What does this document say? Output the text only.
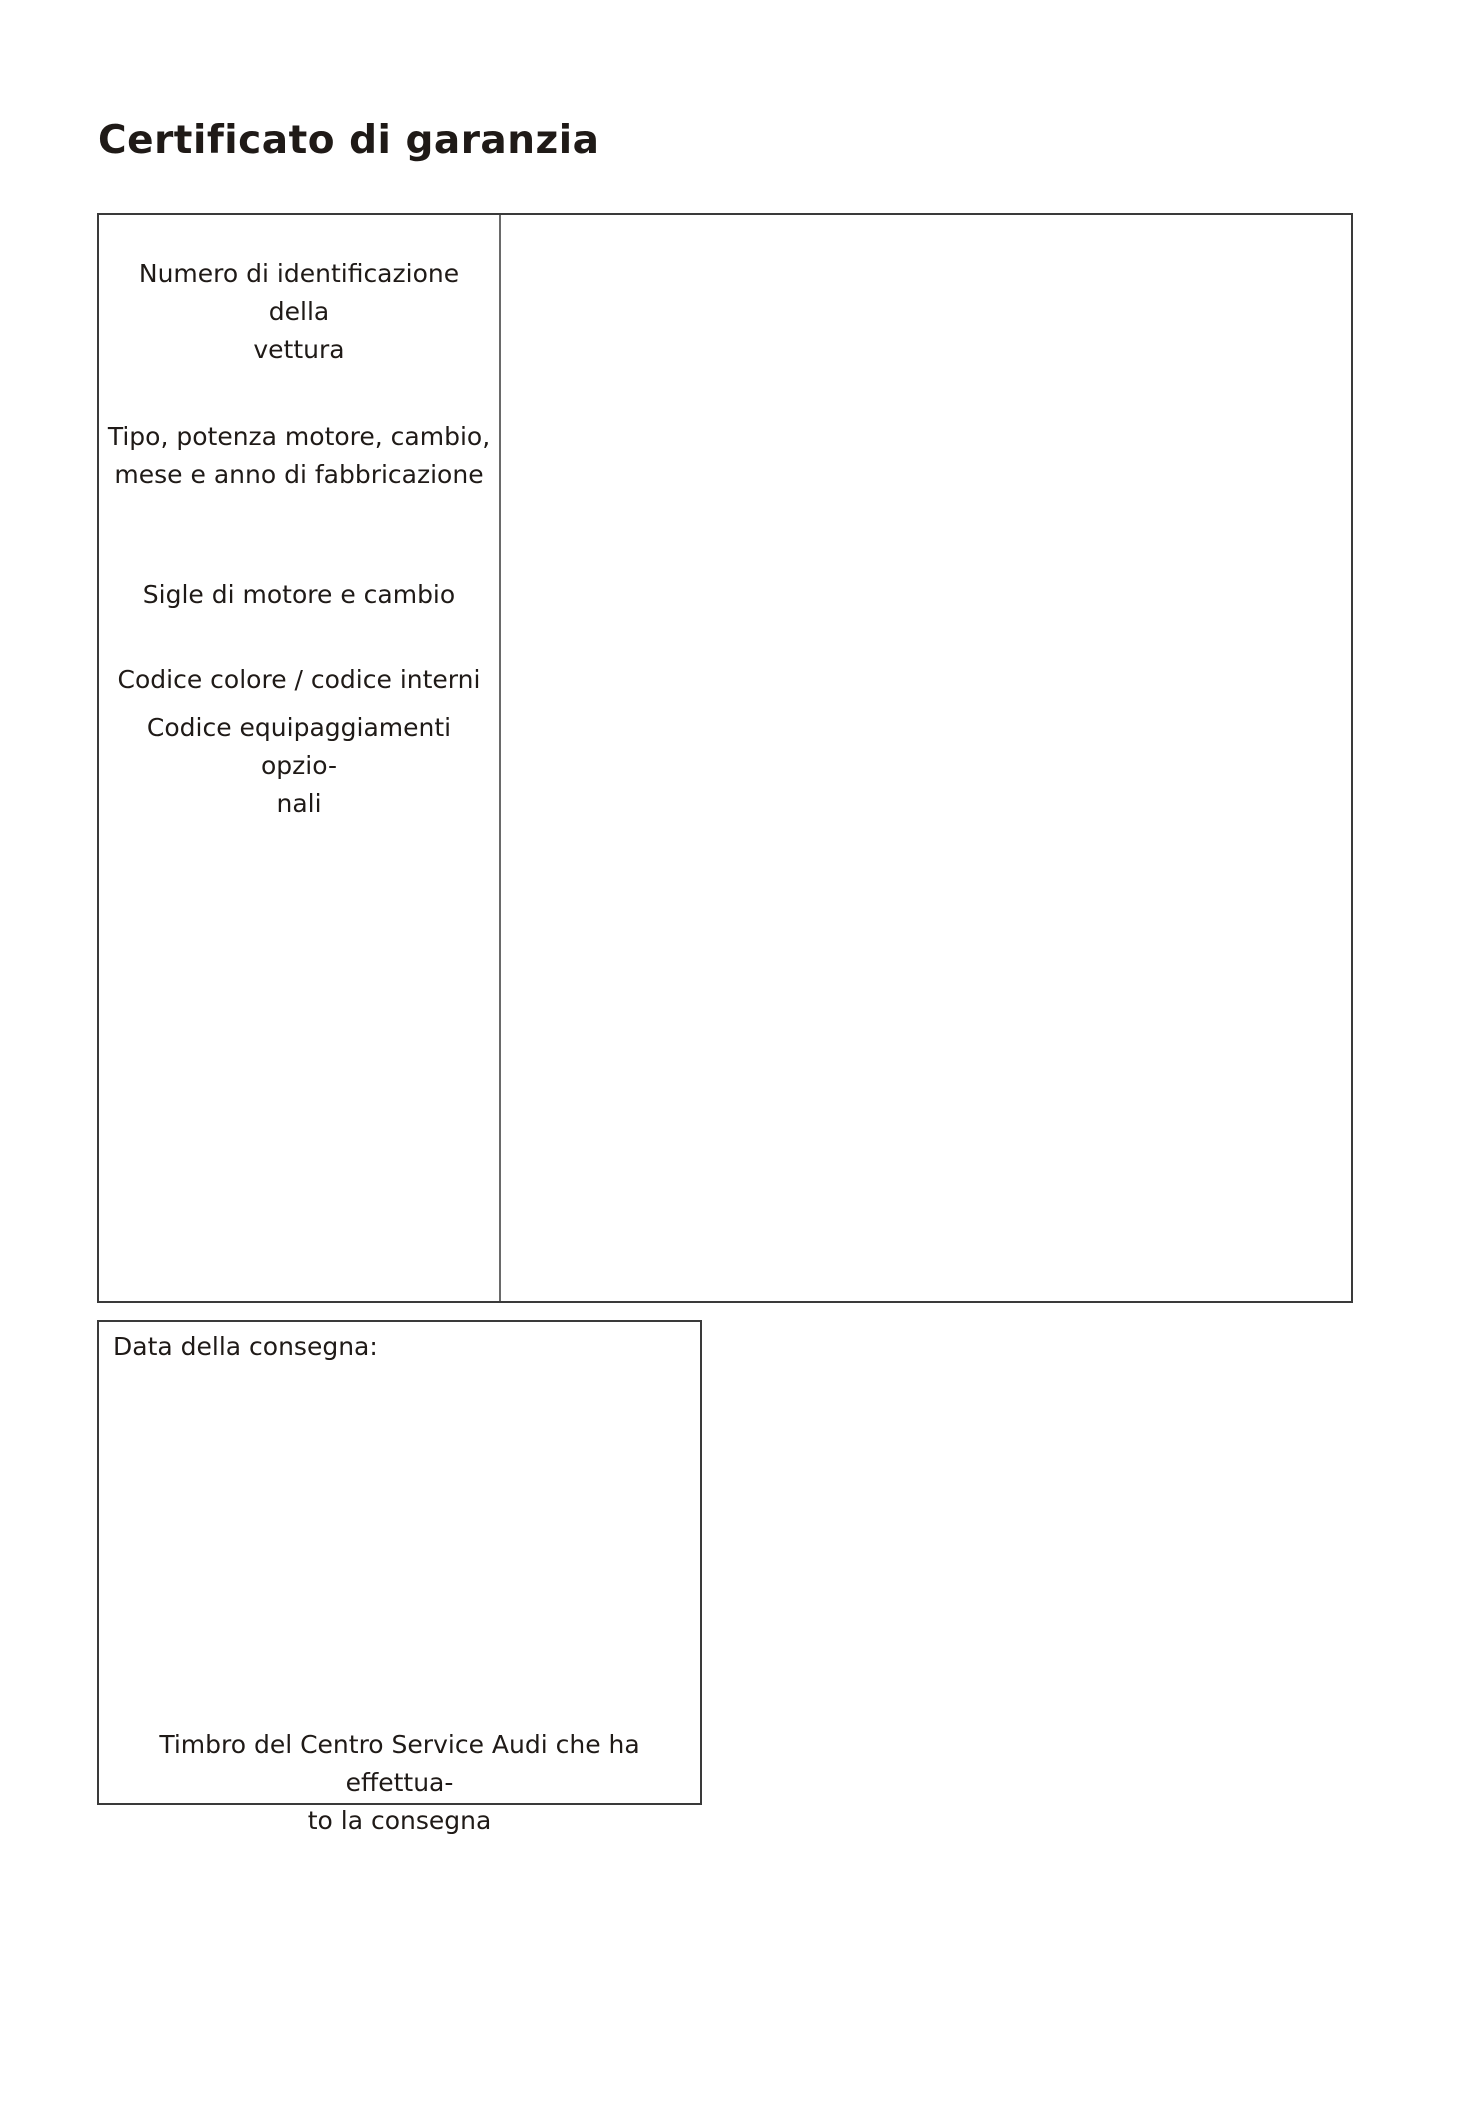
Certificato di garanzia

Numero di identificazione della
vettura

Tipo, potenza motore, cambio,
mese e anno di fabbricazione

Sigle di motore e cambio

Codice colore / codice interni

Codice equipaggiamenti opzio-
nali

Data della consegna:

Timbro del Centro Service Audi che ha effettua-
to la consegna
